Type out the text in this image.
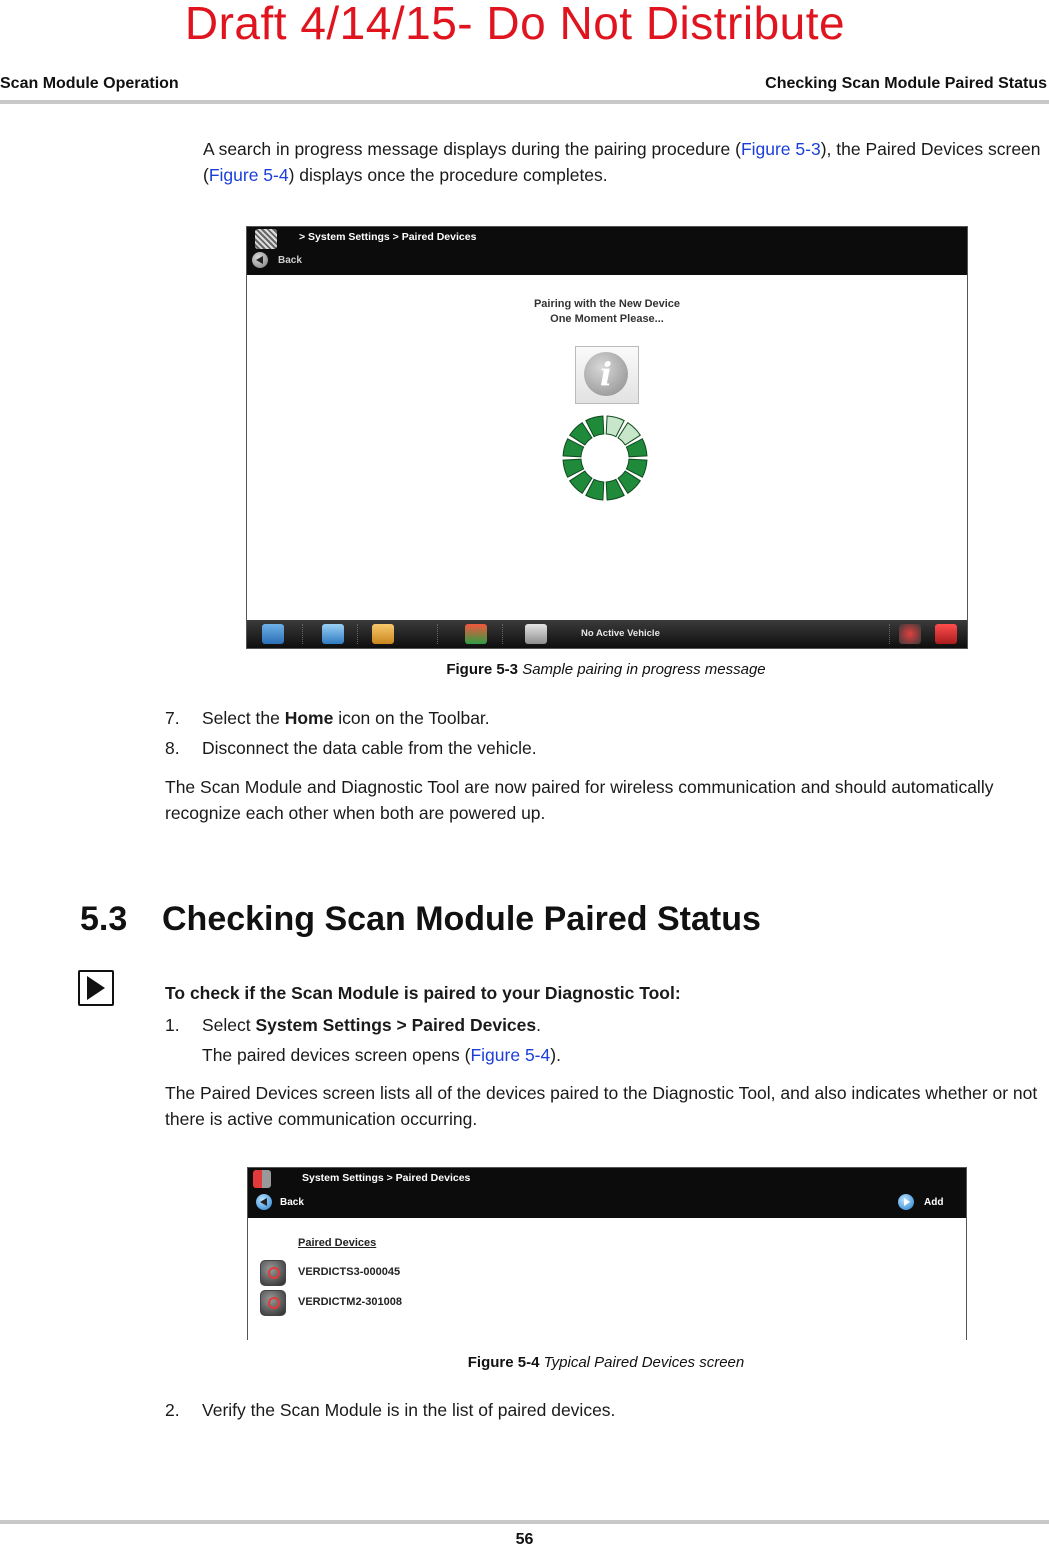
Draft 4/14/15- Do Not Distribute
Scan Module Operation	Checking Scan Module Paired Status
A search in progress message displays during the pairing procedure (Figure 5-3), the Paired Devices screen (Figure 5-4) displays once the procedure completes.
> System Settings > Paired Devices
Back
Pairing with the New Device
One Moment Please...
i
No Active Vehicle
Figure 5-3 Sample pairing in progress message
7. Select the Home icon on the Toolbar.
8. Disconnect the data cable from the vehicle.
The Scan Module and Diagnostic Tool are now paired for wireless communication and should automatically recognize each other when both are powered up.
5.3 Checking Scan Module Paired Status
To check if the Scan Module is paired to your Diagnostic Tool:
1. Select System Settings > Paired Devices.
The paired devices screen opens (Figure 5-4).
The Paired Devices screen lists all of the devices paired to the Diagnostic Tool, and also indicates whether or not there is active communication occurring.
System Settings > Paired Devices
Back	Add
Paired Devices
VERDICTS3-000045
VERDICTM2-301008
Figure 5-4 Typical Paired Devices screen
2. Verify the Scan Module is in the list of paired devices.
56
